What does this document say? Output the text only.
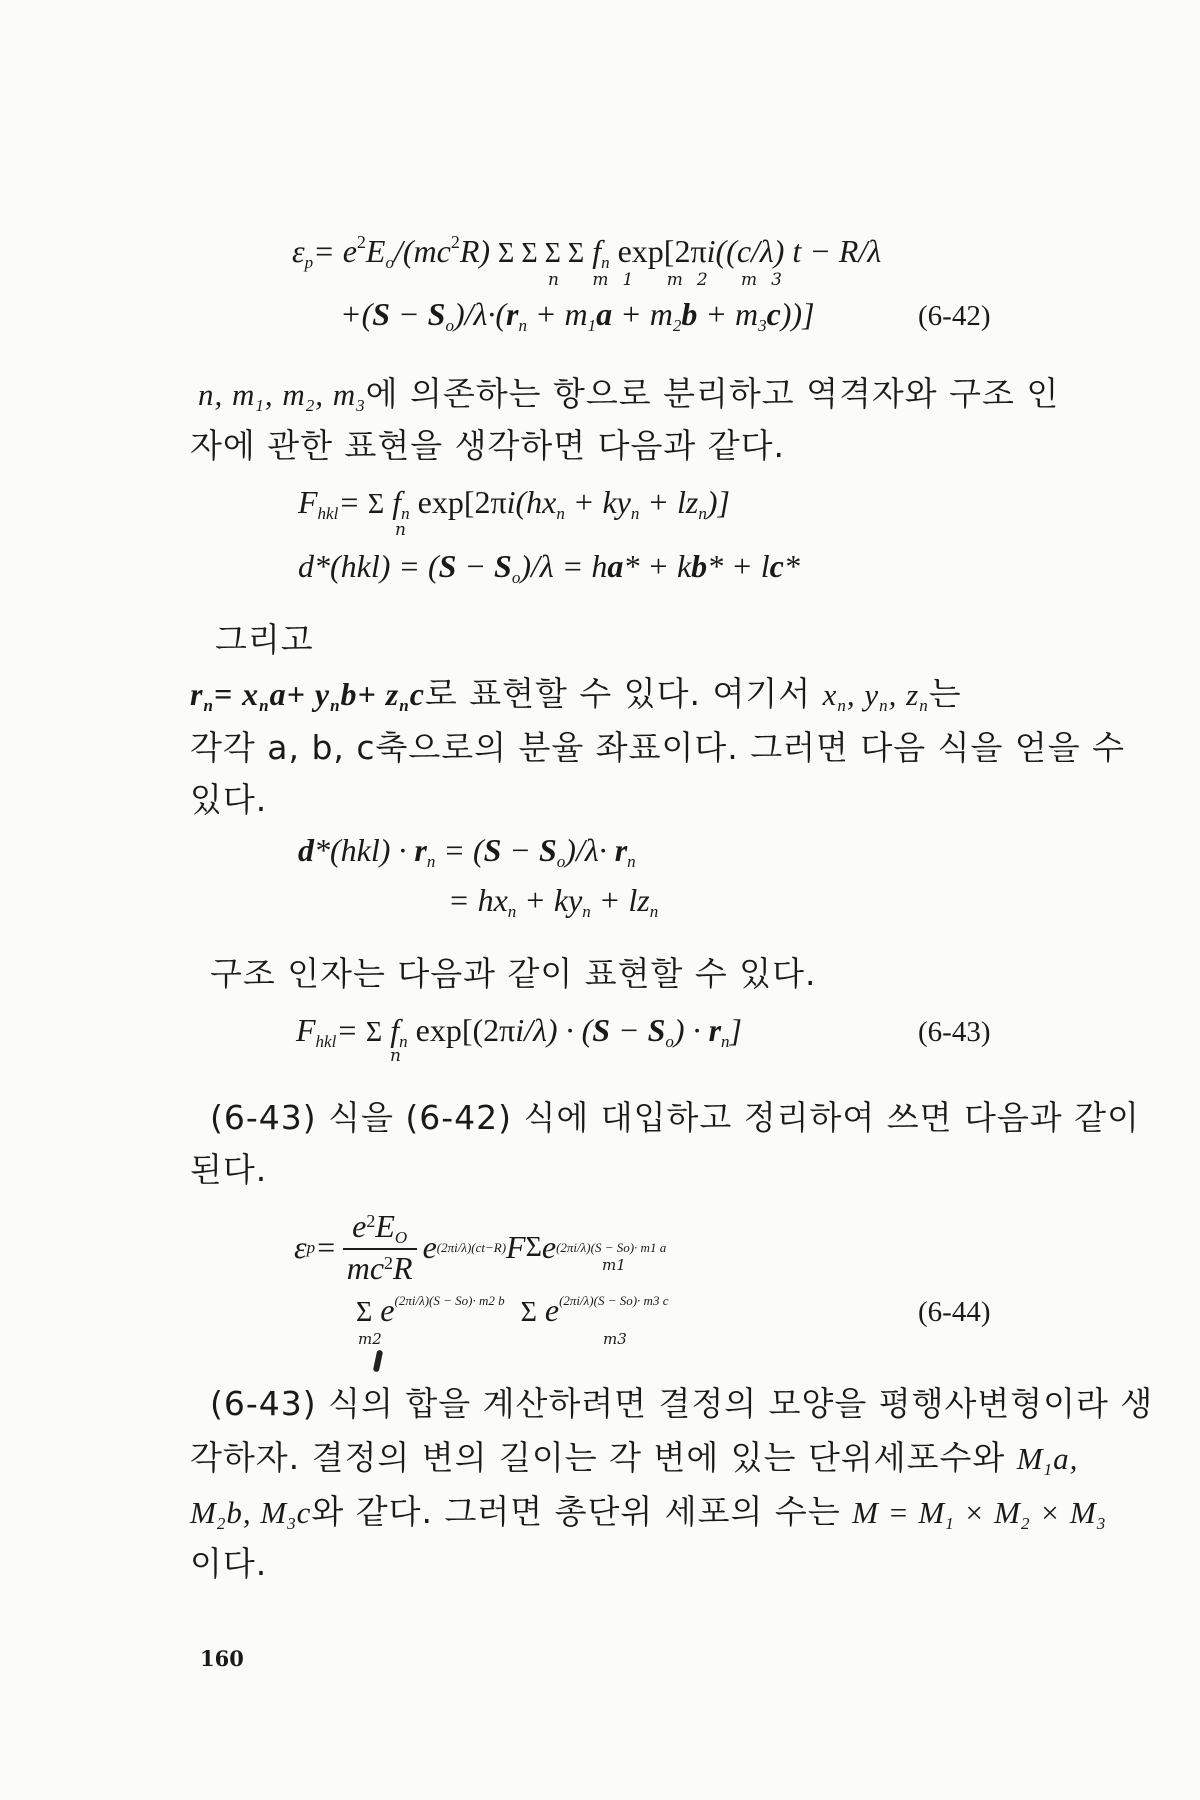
$\varepsilon_p= e^2E_o/(mc^2R)$ Σ Σ Σ Σ $f_n$ exp[2πi((c/λ) t − R/λ
n m1 m2 m3
$+(S - S_o)/\lambda\cdot(r_n + m_1a + m_2b + m_3c)$)]	(6-42)
n, $m_1$, $m_2$, $m_3$에 의존하는 항으로 분리하고 역격자와 구조 인
자에 관한 표현을 생각하면 다음과 같다.
$F_{hkl}= \Sigma$ $f_n$ $\exp[2\pi i(hx_n + ky_n + lz_n)]$
n
$d*(hkl) = (S - S_o)/\lambda = ha* + kb* + lc*$
그리고
$r_n= x_na+ y_nb+ z_nc$로 표현할 수 있다. 여기서 $x_n$, $y_n$, $z_n$는
각각 a, b, c축으로의 분율 좌표이다. 그러면 다음 식을 얻을 수
있다.
$d*(hkl) \cdot r_n = (S - S_o)/\lambda\cdot r_n$
= $hx_n + ky_n + lz_n$
구조 인자는 다음과 같이 표현할 수 있다.
$F_{hkl}= \Sigma$ $f_n$ $\exp[(2\pi i/\lambda) \cdot (S - S_o) \cdot r_n]$
n
(6-43)
(6-43) 식을 (6-42) 식에 대입하고 정리하여 쓰면 다음과 같이
된다.
ε $p = \frac{e^2E_O}{mc^2R}$ e (2πi/λ)(ct−R) F Σ e (2πi/λ)(S − So)· m1 a
m1
Σ $e^{(2\pi i/\lambda)(S - So)\cdot m2 b}$ Σ $e^{(2\pi i/\lambda)(S - So)\cdot m3 c}$
m2	m3
(6-44)
(6-43) 식의 합을 계산하려면 결정의 모양을 평행사변형이라 생
각하자. 결정의 변의 길이는 각 변에 있는 단위세포수와 $M_1a$,
$M_2b$, $M_3c$와 같다. 그러면 총단위 세포의 수는 $M = M_1 \times M_2 \times M_3$
이다.
160
